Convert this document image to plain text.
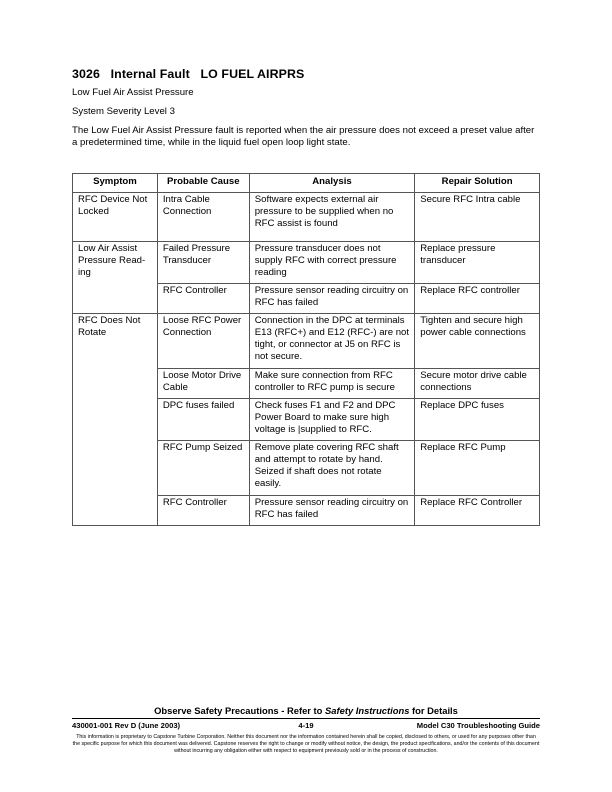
3026 Internal Fault LO FUEL AIRPRS

Low Fuel Air Assist Pressure

System Severity Level 3

The Low Fuel Air Assist Pressure fault is reported when the air pressure does not exceed a preset value after a predetermined time, while in the liquid fuel open loop light state.

Symptom	Probable Cause	Analysis	Repair Solution
RFC Device Not Locked	Intra Cable Connection	Software expects external air pressure to be supplied when no RFC assist is found	Secure RFC Intra cable
Low Air Assist Pressure Read-ing	Failed Pressure Transducer	Pressure transducer does not supply RFC with correct pressure reading	Replace pressure transducer
	RFC Controller	Pressure sensor reading circuitry on RFC has failed	Replace RFC controller
RFC Does Not Rotate	Loose RFC Power Connection	Connection in the DPC at terminals E13 (RFC+) and E12 (RFC-) are not tight, or connector at J5 on RFC is not secure.	Tighten and secure high power cable connections
	Loose Motor Drive Cable	Make sure connection from RFC controller to RFC pump is secure	Secure motor drive cable connections
	DPC fuses failed	Check fuses F1 and F2 and DPC Power Board to make sure high voltage is |supplied to RFC.	Replace DPC fuses
	RFC Pump Seized	Remove plate covering RFC shaft and attempt to rotate by hand. Seized if shaft does not rotate easily.	Replace RFC Pump
	RFC Controller	Pressure sensor reading circuitry on RFC has failed	Replace RFC Controller
Observe Safety Precautions - Refer to Safety Instructions for Details
430001-001 Rev D (June 2003)	4-19	Model C30 Troubleshooting Guide
This information is proprietary to Capstone Turbine Corporation. Neither this document nor the information contained herein shall be copied, disclosed to others, or used for any purposes other than the specific purpose for which this document was delivered. Capstone reserves the right to change or modify without notice, the design, the product specifications, and/or the contents of this document without incurring any obligation either with respect to equipment previously sold or in the process of construction.
